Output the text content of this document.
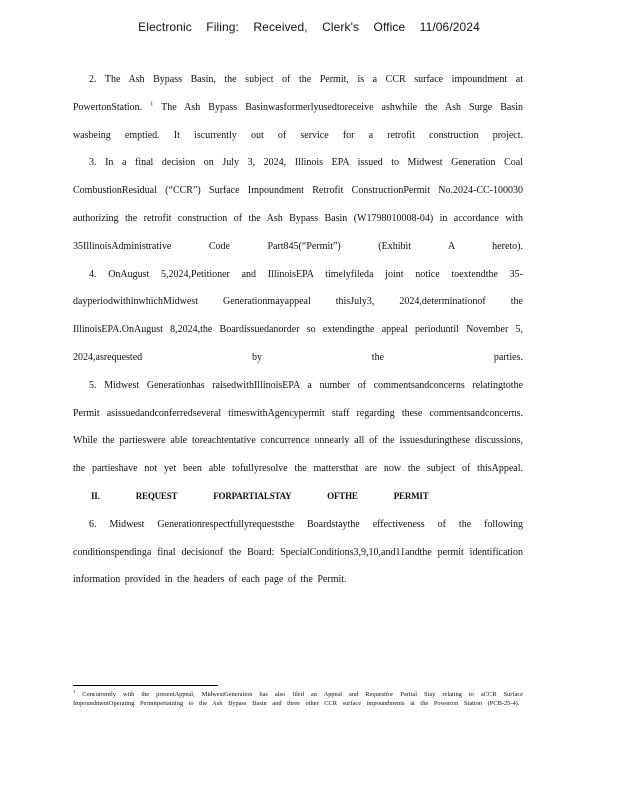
Electronic Filing: Received, Clerk's Office 11/06/2024

2. The Ash Bypass Basin, the subject of the Permit, is a CCR surface impoundment at PowertonStation. $^1$ The Ash Bypass Basinwasformerlyusedtoreceive ashwhile the Ash Surge Basin wasbeing emptied. It iscurrently out of service for a retrofit construction project.

3. In a final decision on July 3, 2024, Illinois EPA issued to Midwest Generation Coal CombustionResidual (“CCR”) Surface Impoundment Retrofit ConstructionPermit No.2024-CC-100030 authorizing the retrofit construction of the Ash Bypass Basin (W1798010008-04) in accordance with 35IllinoisAdministrative Code Part845(“Permit”) (Exhibit A hereto).

4. OnAugust 5,2024,Petitioner and IllinoisEPA timelyfileda joint notice toextendthe 35-dayperiodwithinwhichMidwest Generationmayappeal thisJuly3, 2024,determinationof the IllinoisEPA.OnAugust 8,2024,the Boardissuedanorder so extendingthe appeal perioduntil November 5, 2024,asrequested by the parties.

5. Midwest Generationhas raisedwithIllinoisEPA a number of commentsandconcerns relatingtothe Permit asissuedandconferredseveral timeswithAgencypermit staff regarding these commentsandconcerns. While the partieswere able toreachtentative concurrence onnearly all of the issuesduringthese discussions, the partieshave not yet been able tofullyresolve the mattersthat are now the subject of thisAppeal.

II.	REQUEST FORPARTIALSTAY OFTHE PERMIT

6. Midwest Generationrespectfullyrequeststhe Boardstaythe effectiveness of the following conditionspendinga final decisionof the Board: SpecialConditions3,9,10,and11andthe permit identification information provided in the headers of each page of the Permit.

$^1$ Concurrently with the presentAppeal, MidwestGeneration has also filed an Appeal and Requestfor Partial Stay relating to aCCR Surface ImpoundmentOperating Permitpertaining to the Ash Bypass Basin and three other CCR surface impoundments at the Powerton Station (PCB-25-4).
